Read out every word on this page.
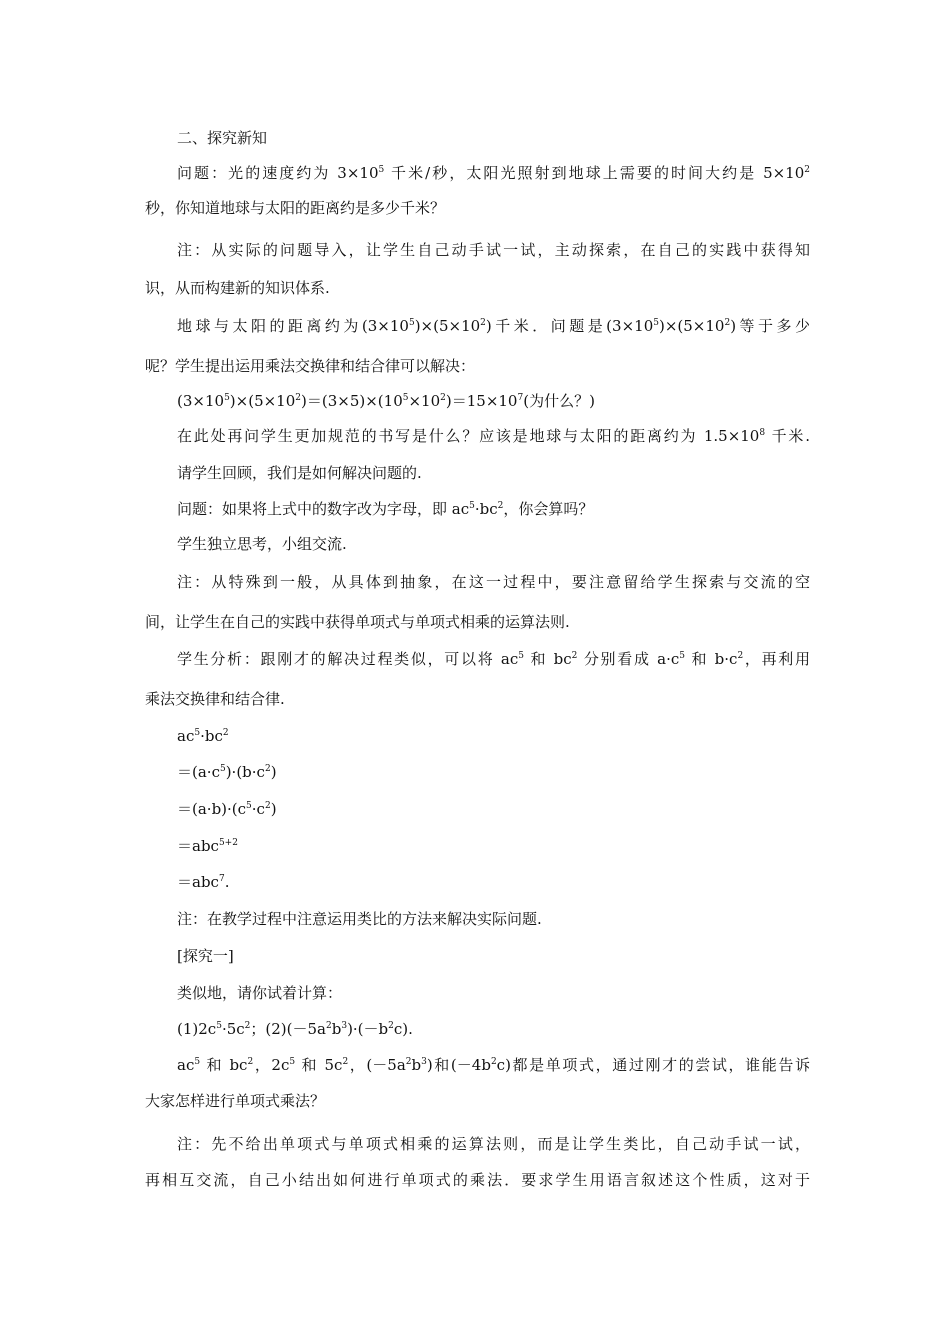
二、探究新知
问题：光的速度约为 $3\times 10^5$ 千米/秒，太阳光照射到地球上需要的时间大约是 $5\times 10^2$
秒，你知道地球与太阳的距离约是多少千米？
注：从实际的问题导入，让学生自己动手试一试，主动探索，在自己的实践中获得知
识，从而构建新的知识体系.
地球与太阳的距离约为$(3\times 10^5)\times(5\times 10^2)$千米．问题是$(3\times 10^5)\times(5\times 10^2)$等于多少
呢？学生提出运用乘法交换律和结合律可以解决：
$(3\times 10^5)\times(5\times 10^2)=(3\times 5)\times(10^5\times 10^2)=15\times 10^7$(为什么？)
在此处再问学生更加规范的书写是什么？应该是地球与太阳的距离约为 $1.5\times 10^8$ 千米.
请学生回顾，我们是如何解决问题的.
问题：如果将上式中的数字改为字母，即 $ac^5\cdot bc^2$，你会算吗？
学生独立思考，小组交流.
注：从特殊到一般，从具体到抽象，在这一过程中，要注意留给学生探索与交流的空
间，让学生在自己的实践中获得单项式与单项式相乘的运算法则.
学生分析：跟刚才的解决过程类似，可以将 $ac^5$ 和 $bc^2$ 分别看成 $a\cdot c^5$ 和 $b\cdot c^2$，再利用
乘法交换律和结合律.
$ac^5\cdot bc^2$
$=(a\cdot c^5)\cdot(b\cdot c^2)$
$=(a\cdot b)\cdot(c^5\cdot c^2)$
＝abc$^{5+2}$
＝abc$^7$.
注：在教学过程中注意运用类比的方法来解决实际问题.
[探究一]
类似地，请你试着计算：
$(1)2c^5\cdot 5c^2$；$(2)(-5a^2b^3)\cdot(-b^2c)$.
$ac^5$ 和 $bc^2$，$2c^5$ 和 $5c^2$，$(-5a^2b^3)$和$(-4b^2c)$都是单项式，通过刚才的尝试，谁能告诉
大家怎样进行单项式乘法？
注：先不给出单项式与单项式相乘的运算法则，而是让学生类比，自己动手试一试，
再相互交流，自己小结出如何进行单项式的乘法．要求学生用语言叙述这个性质，这对于
